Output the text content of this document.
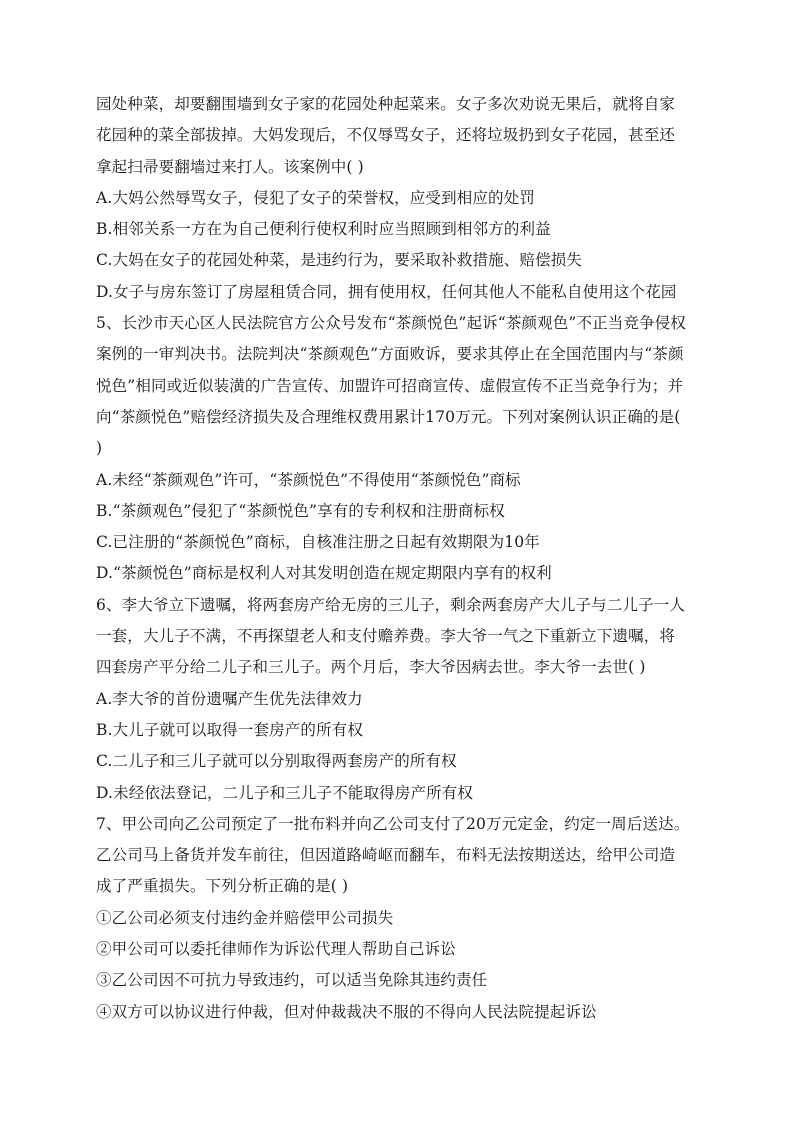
园处种菜，却要翻围墙到女子家的花园处种起菜来。女子多次劝说无果后，就将自家
花园种的菜全部拔掉。大妈发现后，不仅辱骂女子，还将垃圾扔到女子花园，甚至还
拿起扫帚要翻墙过来打人。该案例中( )
A.大妈公然辱骂女子，侵犯了女子的荣誉权，应受到相应的处罚
B.相邻关系一方在为自己便利行使权利时应当照顾到相邻方的利益
C.大妈在女子的花园处种菜，是违约行为，要采取补救措施、赔偿损失
D.女子与房东签订了房屋租赁合同，拥有使用权，任何其他人不能私自使用这个花园
5、长沙市天心区人民法院官方公众号发布“茶颜悦色”起诉“茶颜观色”不正当竞争侵权
案例的一审判决书。法院判决“茶颜观色”方面败诉，要求其停止在全国范围内与“茶颜
悦色”相同或近似装潢的广告宣传、加盟许可招商宣传、虚假宣传不正当竞争行为；并
向“茶颜悦色”赔偿经济损失及合理维权费用累计170万元。下列对案例认识正确的是(
)
A.未经“茶颜观色”许可，“茶颜悦色”不得使用“茶颜悦色”商标
B.“茶颜观色”侵犯了“茶颜悦色”享有的专利权和注册商标权
C.已注册的“茶颜悦色”商标，自核准注册之日起有效期限为10年
D.“茶颜悦色”商标是权利人对其发明创造在规定期限内享有的权利
6、李大爷立下遗嘱，将两套房产给无房的三儿子，剩余两套房产大儿子与二儿子一人
一套，大儿子不满，不再探望老人和支付赡养费。李大爷一气之下重新立下遗嘱，将
四套房产平分给二儿子和三儿子。两个月后，李大爷因病去世。李大爷一去世( )
A.李大爷的首份遗嘱产生优先法律效力
B.大儿子就可以取得一套房产的所有权
C.二儿子和三儿子就可以分别取得两套房产的所有权
D.未经依法登记，二儿子和三儿子不能取得房产所有权
7、甲公司向乙公司预定了一批布料并向乙公司支付了20万元定金，约定一周后送达。
乙公司马上备货并发车前往，但因道路崎岖而翻车，布料无法按期送达，给甲公司造
成了严重损失。下列分析正确的是( )
①乙公司必须支付违约金并赔偿甲公司损失
②甲公司可以委托律师作为诉讼代理人帮助自己诉讼
③乙公司因不可抗力导致违约，可以适当免除其违约责任
④双方可以协议进行仲裁，但对仲裁裁决不服的不得向人民法院提起诉讼
